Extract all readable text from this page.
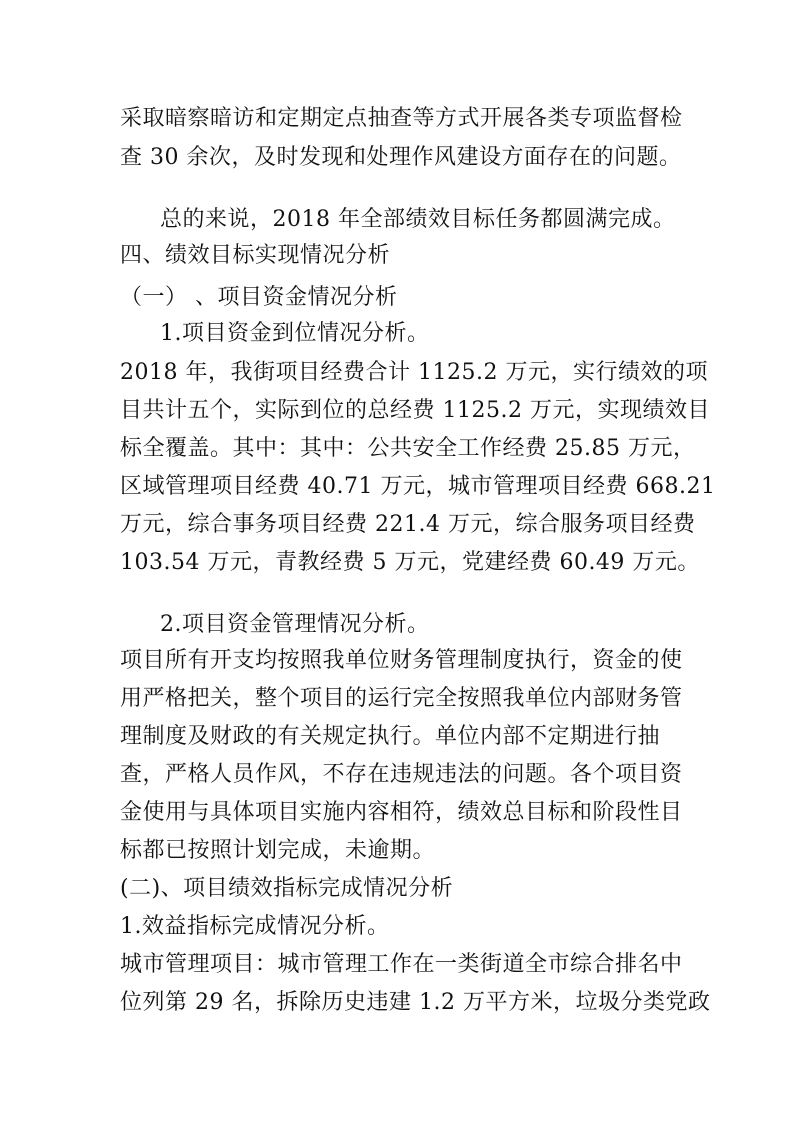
采取暗察暗访和定期定点抽查等方式开展各类专项监督检
查 30 余次，及时发现和处理作风建设方面存在的问题。
总的来说，2018 年全部绩效目标任务都圆满完成。
四、绩效目标实现情况分析
（一） 、项目资金情况分析
1.项目资金到位情况分析。
2018 年，我街项目经费合计 1125.2 万元，实行绩效的项
目共计五个，实际到位的总经费 1125.2 万元，实现绩效目
标全覆盖。其中：其中：公共安全工作经费 25.85 万元，
区域管理项目经费 40.71 万元，城市管理项目经费 668.21
万元，综合事务项目经费 221.4 万元，综合服务项目经费
103.54 万元，青教经费 5 万元，党建经费 60.49 万元。
2.项目资金管理情况分析。
项目所有开支均按照我单位财务管理制度执行，资金的使
用严格把关，整个项目的运行完全按照我单位内部财务管
理制度及财政的有关规定执行。单位内部不定期进行抽
查，严格人员作风，不存在违规违法的问题。各个项目资
金使用与具体项目实施内容相符，绩效总目标和阶段性目
标都已按照计划完成，未逾期。
(二)、项目绩效指标完成情况分析
1.效益指标完成情况分析。
城市管理项目：城市管理工作在一类街道全市综合排名中
位列第 29 名，拆除历史违建 1.2 万平方米，垃圾分类党政
